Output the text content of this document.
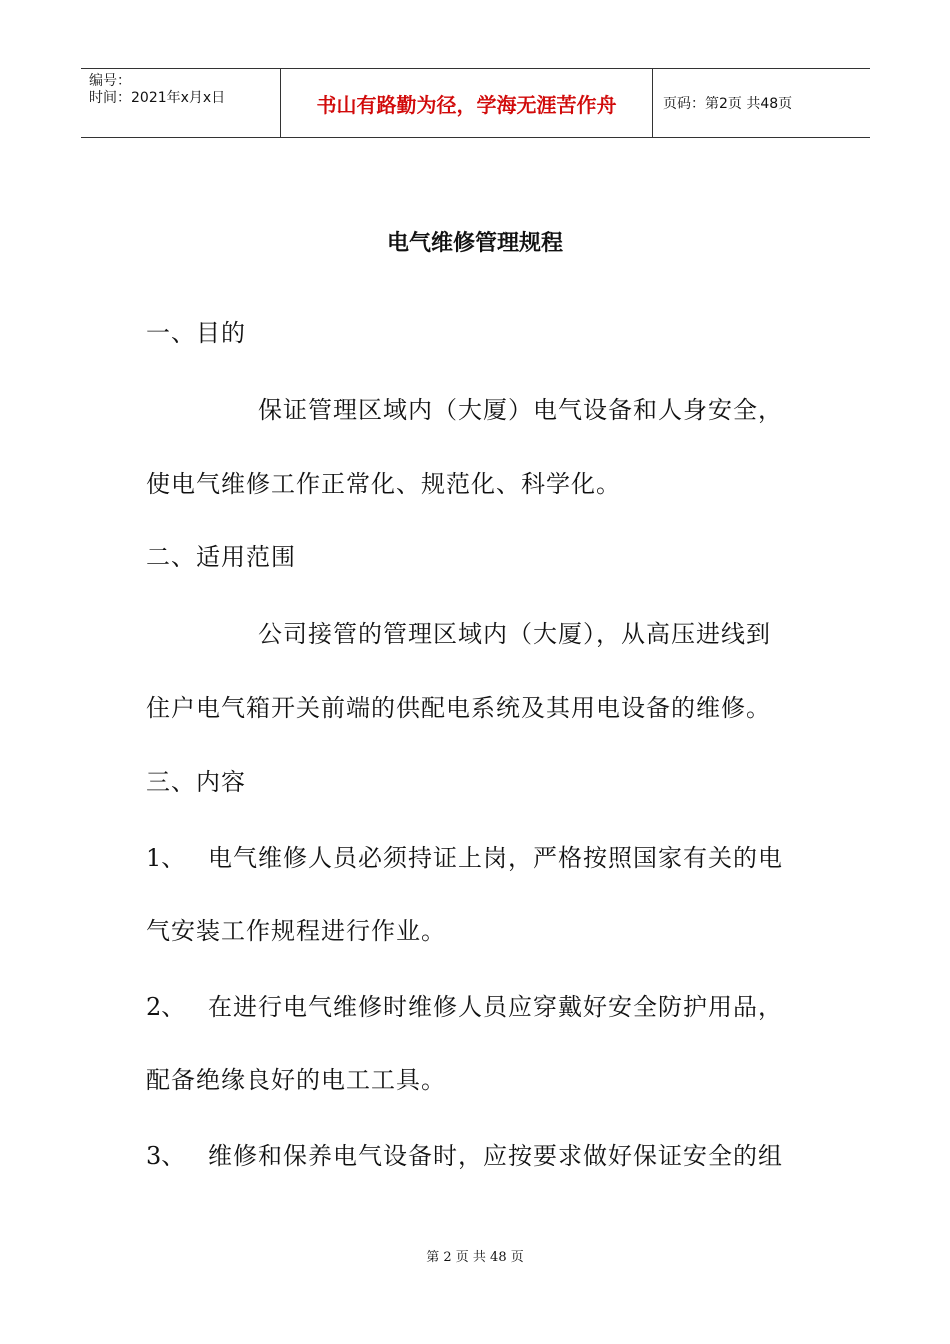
编号：
时间：2021年x月x日	书山有路勤为径，学海无涯苦作舟	页码：第2页 共48页
电气维修管理规程
一、目的
保证管理区域内（大厦）电气设备和人身安全，
使电气维修工作正常化、规范化、科学化。
二、适用范围
公司接管的管理区域内（大厦），从高压进线到
住户电气箱开关前端的供配电系统及其用电设备的维修。
三、内容
1、 电气维修人员必须持证上岗，严格按照国家有关的电
气安装工作规程进行作业。
2、 在进行电气维修时维修人员应穿戴好安全防护用品，
配备绝缘良好的电工工具。
3、 维修和保养电气设备时，应按要求做好保证安全的组
第 2 页 共 48 页
